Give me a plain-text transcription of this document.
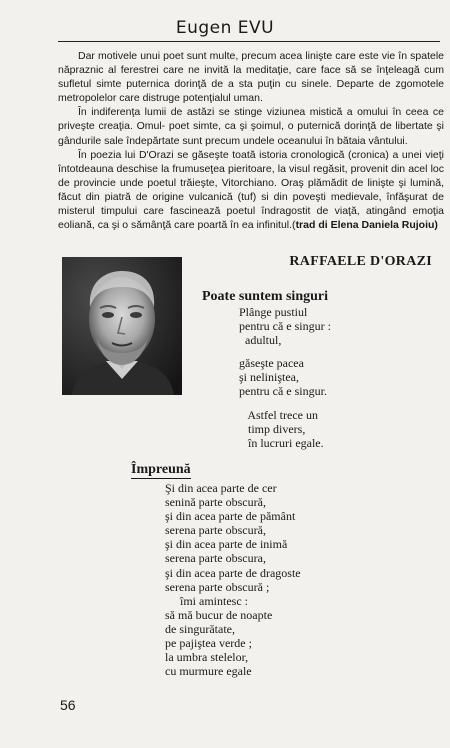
Eugen EVU

Dar motivele unui poet sunt multe, precum acea linişte care este vie în spatele năpraznic al ferestrei care ne invită la meditaţie, care face să se înţeleagă cum sufletul simte puternica dorinţă de a sta puţin cu sinele. Departe de zgomotele metropolelor care distruge potenţialul uman.

În indiferenţa lumii de astăzi se stinge viziunea mistică a omului în ceea ce priveşte creaţia. Omul- poet simte, ca şi şoimul, o puternică dorinţă de libertate şi gândurile sale îndepărtate sunt precum undele oceanului în bătaia vântului.

În poezia lui D'Orazi se găseşte toată istoria cronologică (cronica) a unei vieţi întotdeauna deschise la frumuseţea pieritoare, la visul regăsit, provenit din acel loc de provincie unde poetul trăieşte, Vitorchiano. Oraş plămădit de linişte şi lumină, făcut din piatră de origine vulcanică (tuf) si din poveşti medievale, înfăşurat de misterul timpului care fascinează poetul îndragostit de viaţă, atingând emoţia eoliană, ca şi o sămânţă care poartă în ea infinitul.(trad di Elena Daniela Rujoiu)

RAFFAELE D'ORAZI
Poate suntem singuri
Plânge pustiul
pentru că e singur :
adultul,
găseşte pacea
şi neliniştea,
pentru că e singur.
Astfel trece un
timp divers,
în lucruri egale.
Împreună
Şi din acea parte de cer
senină parte obscură,
şi din acea parte de pământ
serena parte obscură,
şi din acea parte de inimă
serena parte obscura,
şi din acea parte de dragoste
serena parte obscură ;
îmi amintesc :
să mă bucur de noapte
de singurătate,
pe pajiştea verde ;
la umbra stelelor,
cu murmure egale
56
